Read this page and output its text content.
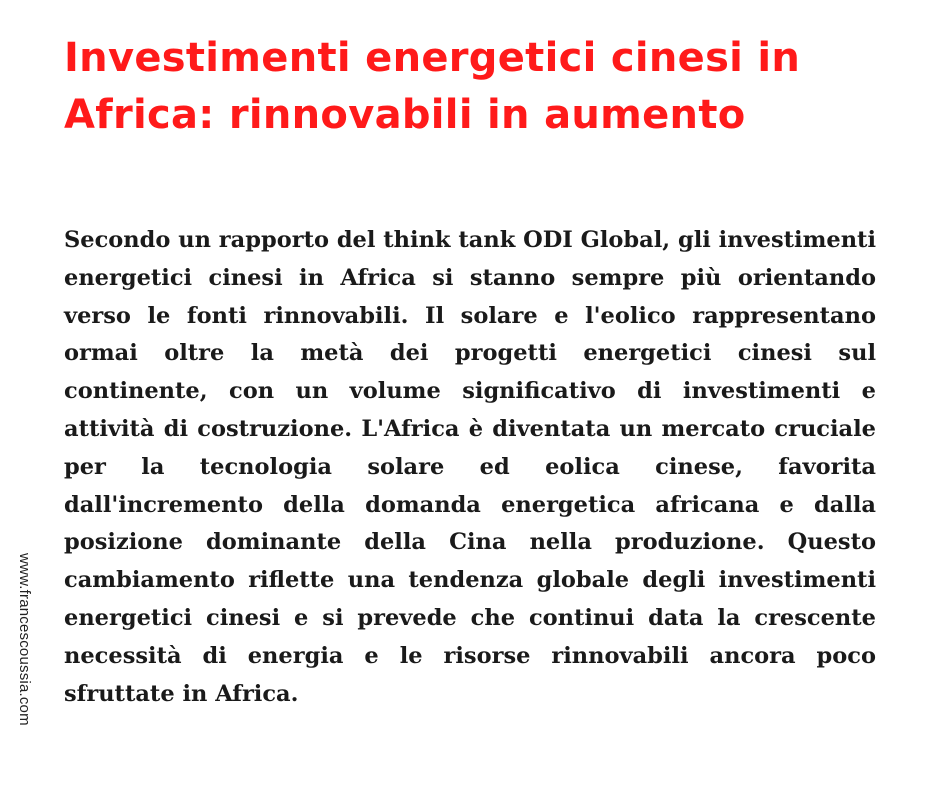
Investimenti energetici cinesi in Africa: rinnovabili in aumento

Secondo un rapporto del think tank ODI Global, gli investimenti energetici cinesi in Africa si stanno sempre più orientando verso le fonti rinnovabili. Il solare e l'eolico rappresentano ormai oltre la metà dei progetti energetici cinesi sul continente, con un volume significativo di investimenti e attività di costruzione. L'Africa è diventata un mercato cruciale per la tecnologia solare ed eolica cinese, favorita dall'incremento della domanda energetica africana e dalla posizione dominante della Cina nella produzione. Questo cambiamento riflette una tendenza globale degli investimenti energetici cinesi e si prevede che continui data la crescente necessità di energia e le risorse rinnovabili ancora poco sfruttate in Africa.

www.francescoussia.com
